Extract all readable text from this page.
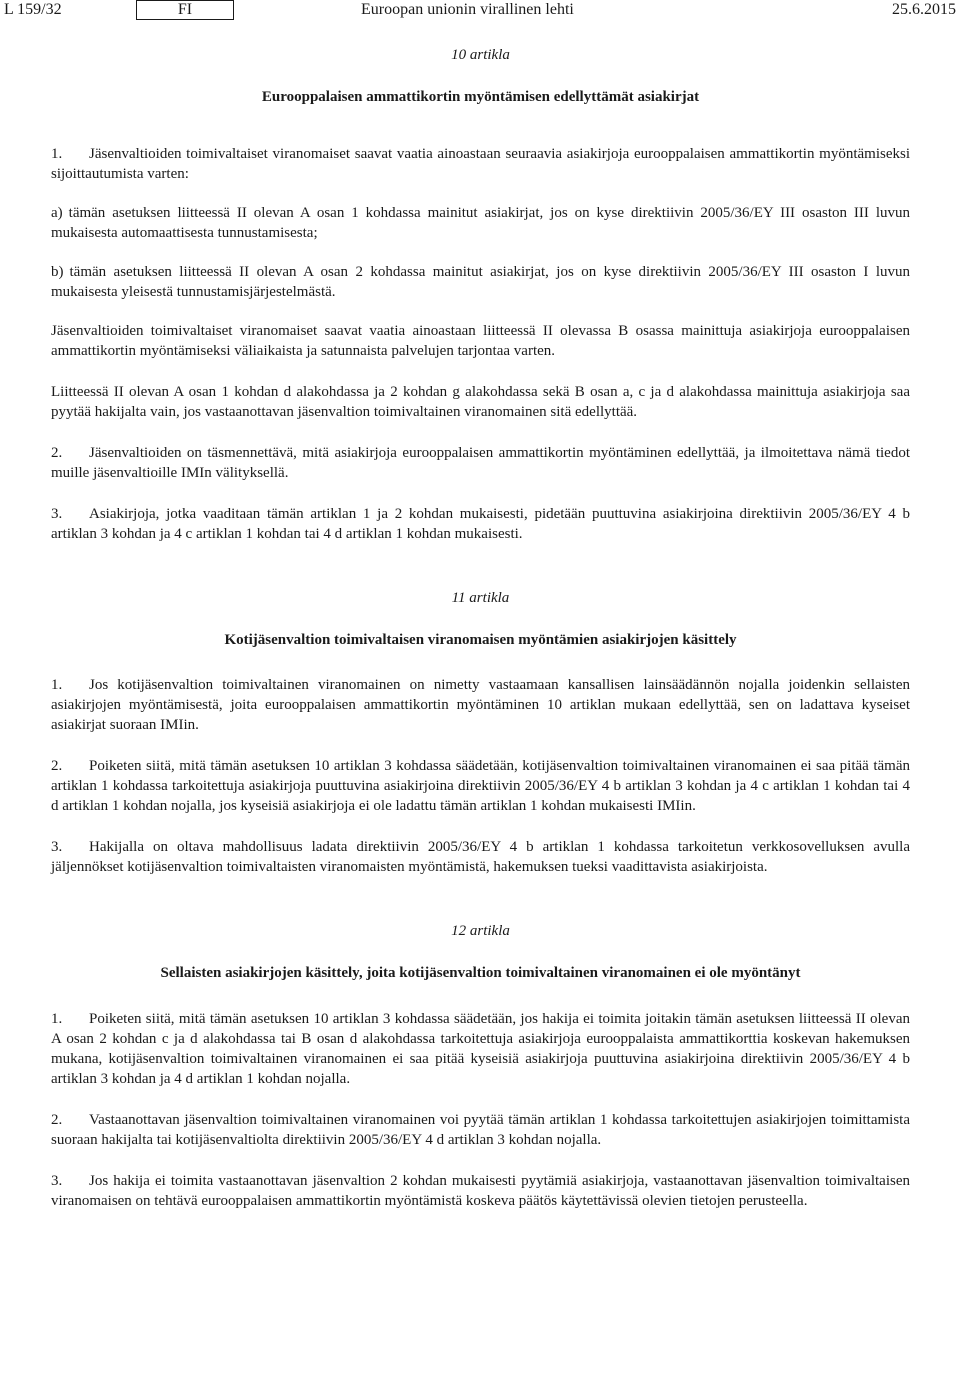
L 159/32	FI	Euroopan unionin virallinen lehti	25.6.2015
10 artikla
Eurooppalaisen ammattikortin myöntämisen edellyttämät asiakirjat

1. Jäsenvaltioiden toimivaltaiset viranomaiset saavat vaatia ainoastaan seuraavia asiakirjoja eurooppalaisen ammattikortin myöntämiseksi sijoittautumista varten:

a) tämän asetuksen liitteessä II olevan A osan 1 kohdassa mainitut asiakirjat, jos on kyse direktiivin 2005/36/EY III osaston III luvun mukaisesta automaattisesta tunnustamisesta;

b) tämän asetuksen liitteessä II olevan A osan 2 kohdassa mainitut asiakirjat, jos on kyse direktiivin 2005/36/EY III osaston I luvun mukaisesta yleisestä tunnustamisjärjestelmästä.

Jäsenvaltioiden toimivaltaiset viranomaiset saavat vaatia ainoastaan liitteessä II olevassa B osassa mainittuja asiakirjoja eurooppalaisen ammattikortin myöntämiseksi väliaikaista ja satunnaista palvelujen tarjontaa varten.

Liitteessä II olevan A osan 1 kohdan d alakohdassa ja 2 kohdan g alakohdassa sekä B osan a, c ja d alakohdassa mainittuja asiakirjoja saa pyytää hakijalta vain, jos vastaanottavan jäsenvaltion toimivaltainen viranomainen sitä edellyttää.

2. Jäsenvaltioiden on täsmennettävä, mitä asiakirjoja eurooppalaisen ammattikortin myöntäminen edellyttää, ja ilmoitettava nämä tiedot muille jäsenvaltioille IMIn välityksellä.

3. Asiakirjoja, jotka vaaditaan tämän artiklan 1 ja 2 kohdan mukaisesti, pidetään puuttuvina asiakirjoina direktiivin 2005/36/EY 4 b artiklan 3 kohdan ja 4 c artiklan 1 kohdan tai 4 d artiklan 1 kohdan mukaisesti.

11 artikla
Kotijäsenvaltion toimivaltaisen viranomaisen myöntämien asiakirjojen käsittely

1. Jos kotijäsenvaltion toimivaltainen viranomainen on nimetty vastaamaan kansallisen lainsäädännön nojalla joidenkin sellaisten asiakirjojen myöntämisestä, joita eurooppalaisen ammattikortin myöntäminen 10 artiklan mukaan edellyttää, sen on ladattava kyseiset asiakirjat suoraan IMIin.

2. Poiketen siitä, mitä tämän asetuksen 10 artiklan 3 kohdassa säädetään, kotijäsenvaltion toimivaltainen viranomainen ei saa pitää tämän artiklan 1 kohdassa tarkoitettuja asiakirjoja puuttuvina asiakirjoina direktiivin 2005/36/EY 4 b artiklan 3 kohdan ja 4 c artiklan 1 kohdan tai 4 d artiklan 1 kohdan nojalla, jos kyseisiä asiakirjoja ei ole ladattu tämän artiklan 1 kohdan mukaisesti IMIin.

3. Hakijalla on oltava mahdollisuus ladata direktiivin 2005/36/EY 4 b artiklan 1 kohdassa tarkoitetun verkkosovelluksen avulla jäljennökset kotijäsenvaltion toimivaltaisten viranomaisten myöntämistä, hakemuksen tueksi vaadittavista asiakirjoista.

12 artikla
Sellaisten asiakirjojen käsittely, joita kotijäsenvaltion toimivaltainen viranomainen ei ole myöntänyt

1. Poiketen siitä, mitä tämän asetuksen 10 artiklan 3 kohdassa säädetään, jos hakija ei toimita joitakin tämän asetuksen liitteessä II olevan A osan 2 kohdan c ja d alakohdassa tai B osan d alakohdassa tarkoitettuja asiakirjoja eurooppalaista ammattikorttia koskevan hakemuksen mukana, kotijäsenvaltion toimivaltainen viranomainen ei saa pitää kyseisiä asiakirjoja puuttuvina asiakirjoina direktiivin 2005/36/EY 4 b artiklan 3 kohdan ja 4 d artiklan 1 kohdan nojalla.

2. Vastaanottavan jäsenvaltion toimivaltainen viranomainen voi pyytää tämän artiklan 1 kohdassa tarkoitettujen asiakirjojen toimittamista suoraan hakijalta tai kotijäsenvaltiolta direktiivin 2005/36/EY 4 d artiklan 3 kohdan nojalla.

3. Jos hakija ei toimita vastaanottavan jäsenvaltion 2 kohdan mukaisesti pyytämiä asiakirjoja, vastaanottavan jäsenvaltion toimivaltaisen viranomaisen on tehtävä eurooppalaisen ammattikortin myöntämistä koskeva päätös käytettävissä olevien tietojen perusteella.
